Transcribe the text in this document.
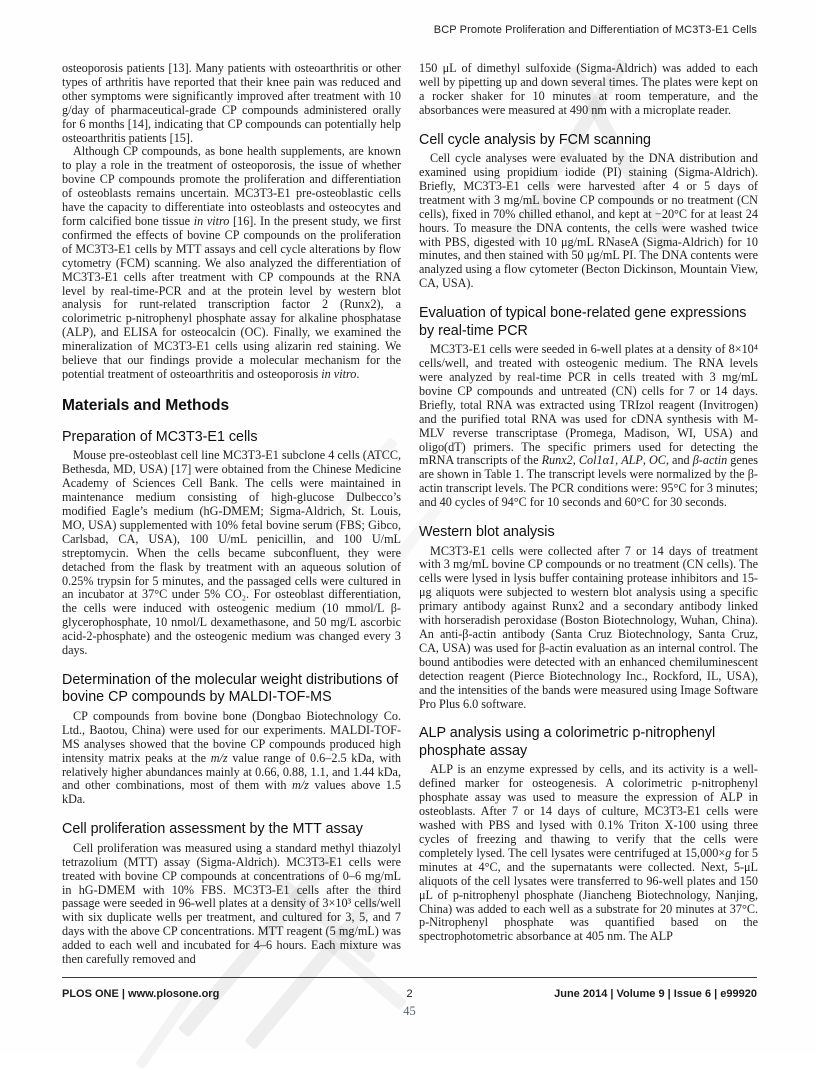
BCP Promote Proliferation and Differentiation of MC3T3-E1 Cells

osteoporosis patients [13]. Many patients with osteoarthritis or other types of arthritis have reported that their knee pain was reduced and other symptoms were significantly improved after treatment with 10 g/day of pharmaceutical-grade CP compounds administered orally for 6 months [14], indicating that CP compounds can potentially help osteoarthritis patients [15].

Although CP compounds, as bone health supplements, are known to play a role in the treatment of osteoporosis, the issue of whether bovine CP compounds promote the proliferation and differentiation of osteoblasts remains uncertain. MC3T3-E1 pre-osteoblastic cells have the capacity to differentiate into osteoblasts and osteocytes and form calcified bone tissue in vitro [16]. In the present study, we first confirmed the effects of bovine CP compounds on the proliferation of MC3T3-E1 cells by MTT assays and cell cycle alterations by flow cytometry (FCM) scanning. We also analyzed the differentiation of MC3T3-E1 cells after treatment with CP compounds at the RNA level by real-time-PCR and at the protein level by western blot analysis for runt-related transcription factor 2 (Runx2), a colorimetric p-nitrophenyl phosphate assay for alkaline phosphatase (ALP), and ELISA for osteocalcin (OC). Finally, we examined the mineralization of MC3T3-E1 cells using alizarin red staining. We believe that our findings provide a molecular mechanism for the potential treatment of osteoarthritis and osteoporosis in vitro.

Materials and Methods
Preparation of MC3T3-E1 cells

Mouse pre-osteoblast cell line MC3T3-E1 subclone 4 cells (ATCC, Bethesda, MD, USA) [17] were obtained from the Chinese Medicine Academy of Sciences Cell Bank. The cells were maintained in maintenance medium consisting of high-glucose Dulbecco’s modified Eagle’s medium (hG-DMEM; Sigma-Aldrich, St. Louis, MO, USA) supplemented with 10% fetal bovine serum (FBS; Gibco, Carlsbad, CA, USA), 100 U/mL penicillin, and 100 U/mL streptomycin. When the cells became subconfluent, they were detached from the flask by treatment with an aqueous solution of 0.25% trypsin for 5 minutes, and the passaged cells were cultured in an incubator at 37°C under 5% CO₂. For osteoblast differentiation, the cells were induced with osteogenic medium (10 mmol/L β-glycerophosphate, 10 nmol/L dexamethasone, and 50 mg/L ascorbic acid-2-phosphate) and the osteogenic medium was changed every 3 days.

Determination of the molecular weight distributions of bovine CP compounds by MALDI-TOF-MS

CP compounds from bovine bone (Dongbao Biotechnology Co. Ltd., Baotou, China) were used for our experiments. MALDI-TOF-MS analyses showed that the bovine CP compounds produced high intensity matrix peaks at the m/z value range of 0.6–2.5 kDa, with relatively higher abundances mainly at 0.66, 0.88, 1.1, and 1.44 kDa, and other combinations, most of them with m/z values above 1.5 kDa.

Cell proliferation assessment by the MTT assay

Cell proliferation was measured using a standard methyl thiazolyl tetrazolium (MTT) assay (Sigma-Aldrich). MC3T3-E1 cells were treated with bovine CP compounds at concentrations of 0–6 mg/mL in hG-DMEM with 10% FBS. MC3T3-E1 cells after the third passage were seeded in 96-well plates at a density of 3×10³ cells/well with six duplicate wells per treatment, and cultured for 3, 5, and 7 days with the above CP concentrations. MTT reagent (5 mg/mL) was added to each well and incubated for 4–6 hours. Each mixture was then carefully removed and

150 μL of dimethyl sulfoxide (Sigma-Aldrich) was added to each well by pipetting up and down several times. The plates were kept on a rocker shaker for 10 minutes at room temperature, and the absorbances were measured at 490 nm with a microplate reader.

Cell cycle analysis by FCM scanning

Cell cycle analyses were evaluated by the DNA distribution and examined using propidium iodide (PI) staining (Sigma-Aldrich). Briefly, MC3T3-E1 cells were harvested after 4 or 5 days of treatment with 3 mg/mL bovine CP compounds or no treatment (CN cells), fixed in 70% chilled ethanol, and kept at −20°C for at least 24 hours. To measure the DNA contents, the cells were washed twice with PBS, digested with 10 μg/mL RNaseA (Sigma-Aldrich) for 10 minutes, and then stained with 50 μg/mL PI. The DNA contents were analyzed using a flow cytometer (Becton Dickinson, Mountain View, CA, USA).

Evaluation of typical bone-related gene expressions by real-time PCR

MC3T3-E1 cells were seeded in 6-well plates at a density of 8×10⁴ cells/well, and treated with osteogenic medium. The RNA levels were analyzed by real-time PCR in cells treated with 3 mg/mL bovine CP compounds and untreated (CN) cells for 7 or 14 days. Briefly, total RNA was extracted using TRIzol reagent (Invitrogen) and the purified total RNA was used for cDNA synthesis with M-MLV reverse transcriptase (Promega, Madison, WI, USA) and oligo(dT) primers. The specific primers used for detecting the mRNA transcripts of the Runx2, Col1α1, ALP, OC, and β-actin genes are shown in Table 1. The transcript levels were normalized by the β-actin transcript levels. The PCR conditions were: 95°C for 3 minutes; and 40 cycles of 94°C for 10 seconds and 60°C for 30 seconds.

Western blot analysis

MC3T3-E1 cells were collected after 7 or 14 days of treatment with 3 mg/mL bovine CP compounds or no treatment (CN cells). The cells were lysed in lysis buffer containing protease inhibitors and 15-μg aliquots were subjected to western blot analysis using a specific primary antibody against Runx2 and a secondary antibody linked with horseradish peroxidase (Boston Biotechnology, Wuhan, China). An anti-β-actin antibody (Santa Cruz Biotechnology, Santa Cruz, CA, USA) was used for β-actin evaluation as an internal control. The bound antibodies were detected with an enhanced chemiluminescent detection reagent (Pierce Biotechnology Inc., Rockford, IL, USA), and the intensities of the bands were measured using Image Software Pro Plus 6.0 software.

ALP analysis using a colorimetric p-nitrophenyl phosphate assay

ALP is an enzyme expressed by cells, and its activity is a well-defined marker for osteogenesis. A colorimetric p-nitrophenyl phosphate assay was used to measure the expression of ALP in osteoblasts. After 7 or 14 days of culture, MC3T3-E1 cells were washed with PBS and lysed with 0.1% Triton X-100 using three cycles of freezing and thawing to verify that the cells were completely lysed. The cell lysates were centrifuged at 15,000×g for 5 minutes at 4°C, and the supernatants were collected. Next, 5-μL aliquots of the cell lysates were transferred to 96-well plates and 150 μL of p-nitrophenyl phosphate (Jiancheng Biotechnology, Nanjing, China) was added to each well as a substrate for 20 minutes at 37°C. p-Nitrophenyl phosphate was quantified based on the spectrophotometric absorbance at 405 nm. The ALP

PLOS ONE | www.plosone.org	2	June 2014 | Volume 9 | Issue 6 | e99920
45
